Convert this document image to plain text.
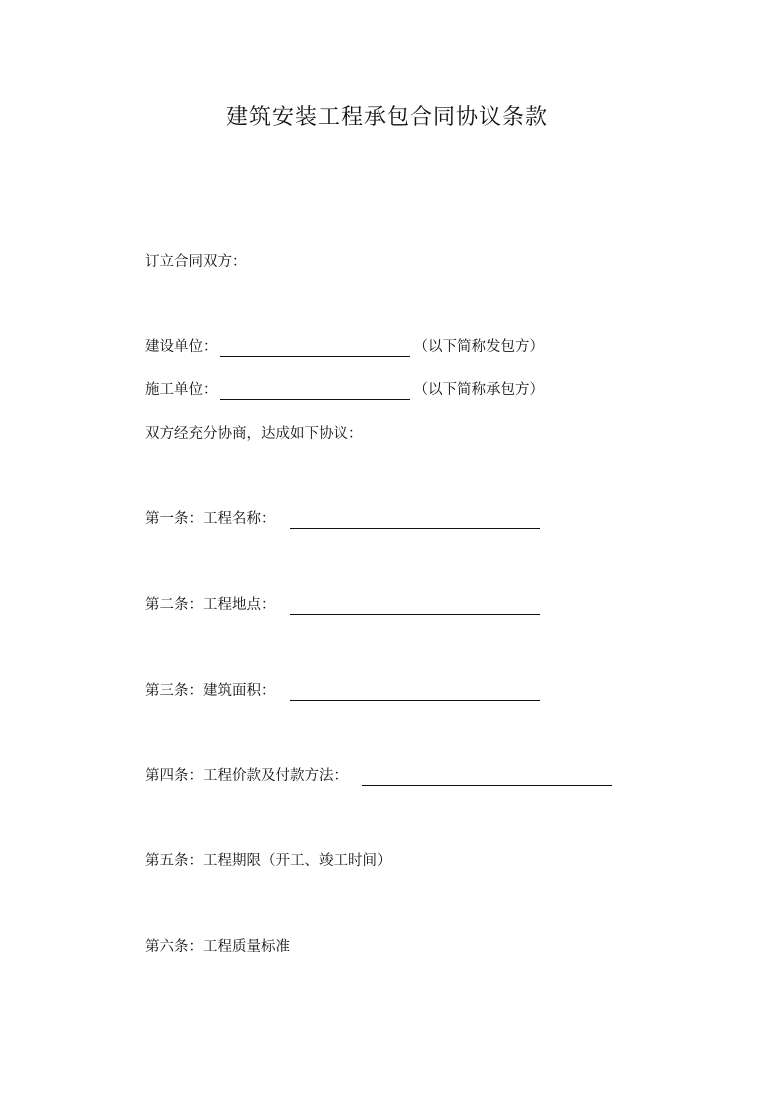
建筑安装工程承包合同协议条款
订立合同双方：
建设单位：	（以下简称发包方）
施工单位：	（以下简称承包方）
双方经充分协商，达成如下协议：
第一条：工程名称：
第二条：工程地点：
第三条：建筑面积：
第四条：工程价款及付款方法：
第五条：工程期限（开工、竣工时间）
第六条：工程质量标准
